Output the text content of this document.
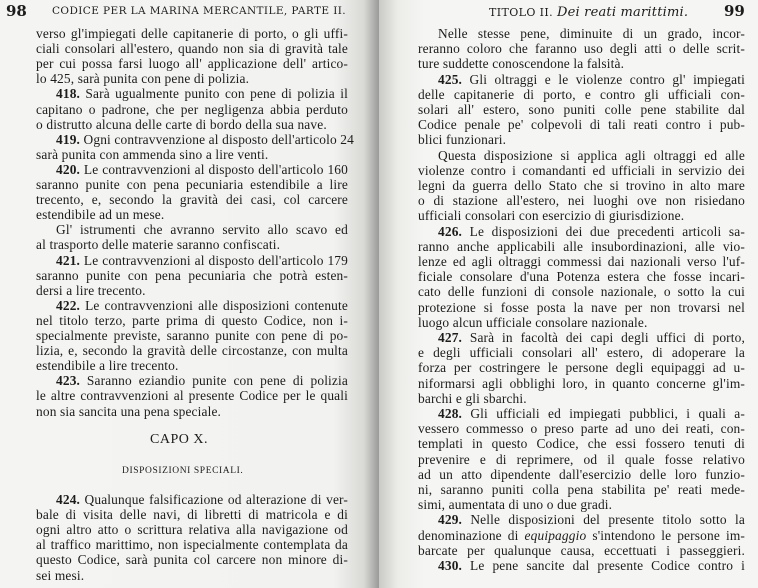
98 CODICE PER LA MARINA MERCANTILE, PARTE II.
verso gl'impiegati delle capitanerie di porto, o gli uffi-
ciali consolari all'estero, quando non sia di gravità tale
per cui possa farsi luogo all' applicazione dell' artico-
lo 425, sarà punita con pene di polizia.
418. Sarà ugualmente punito con pene di polizia il
capitano o padrone, che per negligenza abbia perduto
o distrutto alcuna delle carte di bordo della sua nave.
419. Ogni contravvenzione al disposto dell'articolo 24
sarà punita con ammenda sino a lire venti.
420. Le contravvenzioni al disposto dell'articolo 160
saranno punite con pena pecuniaria estendibile a lire
trecento, e, secondo la gravità dei casi, col carcere
estendibile ad un mese.
Gl' istrumenti che avranno servito allo scavo ed
al trasporto delle materie saranno confiscati.
421. Le contravvenzioni al disposto dell'articolo 179
saranno punite con pena pecuniaria che potrà esten-
dersi a lire trecento.
422. Le contravvenzioni alle disposizioni contenute
nel titolo terzo, parte prima di questo Codice, non i-
specialmente previste, saranno punite con pene di po-
lizia, e, secondo la gravità delle circostanze, con multa
estendibile a lire trecento.
423. Saranno eziandio punite con pene di polizia
le altre contravvenzioni al presente Codice per le quali
non sia sancita una pena speciale.
CAPO X.
DISPOSIZIONI SPECIALI.
424. Qualunque falsificazione od alterazione di ver-
bale di visita delle navi, di libretti di matricola e di
ogni altro atto o scrittura relativa alla navigazione od
al traffico marittimo, non ispecialmente contemplata da
questo Codice, sarà punita col carcere non minore di-
sei mesi.
TITOLO II. Dei reati marittimi. 99
Nelle stesse pene, diminuite di un grado, incor-
reranno coloro che faranno uso degli atti o delle scrit-
ture suddette conoscendone la falsità.
425. Gli oltraggi e le violenze contro gl' impiegati
delle capitanerie di porto, e contro gli ufficiali con-
solari all' estero, sono puniti colle pene stabilite dal
Codice penale pe' colpevoli di tali reati contro i pub-
blici funzionari.
Questa disposizione si applica agli oltraggi ed alle
violenze contro i comandanti ed ufficiali in servizio dei
legni da guerra dello Stato che si trovino in alto mare
o di stazione all'estero, nei luoghi ove non risiedano
ufficiali consolari con esercizio di giurisdizione.
426. Le disposizioni dei due precedenti articoli sa-
ranno anche applicabili alle insubordinazioni, alle vio-
lenze ed agli oltraggi commessi dai nazionali verso l'uf-
ficiale consolare d'una Potenza estera che fosse incari-
cato delle funzioni di console nazionale, o sotto la cui
protezione si fosse posta la nave per non trovarsi nel
luogo alcun ufficiale consolare nazionale.
427. Sarà in facoltà dei capi degli uffici di porto,
e degli ufficiali consolari all' estero, di adoperare la
forza per costringere le persone degli equipaggi ad u-
niformarsi agli obblighi loro, in quanto concerne gl'im-
barchi e gli sbarchi.
428. Gli ufficiali ed impiegati pubblici, i quali a-
vessero commesso o preso parte ad uno dei reati, con-
templati in questo Codice, che essi fossero tenuti di
prevenire e di reprimere, od il quale fosse relativo
ad un atto dipendente dall'esercizio delle loro funzio-
ni, saranno puniti colla pena stabilita pe' reati mede-
simi, aumentata di uno o due gradi.
429. Nelle disposizioni del presente titolo sotto la
denominazione di equipaggio s'intendono le persone im-
barcate per qualunque causa, eccettuati i passeggieri.
430. Le pene sancite dal presente Codice contro i
